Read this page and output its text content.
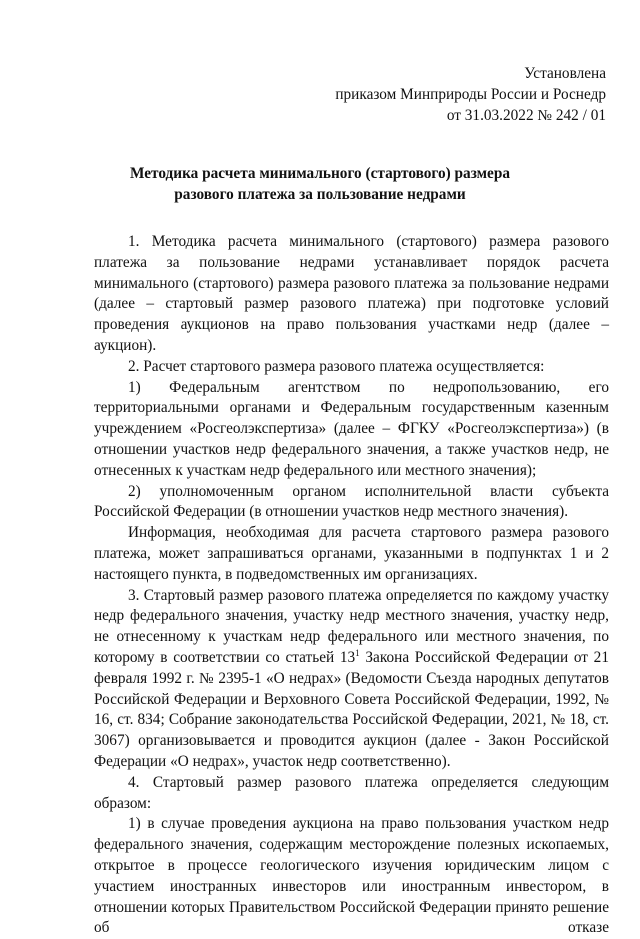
Установлена
приказом Минприроды России и Роснедр
от 31.03.2022 № 242 / 01
Методика расчета минимального (стартового) размера
разового платежа за пользование недрами

1. Методика расчета минимального (стартового) размера разового платежа за пользование недрами устанавливает порядок расчета минимального (стартового) размера разового платежа за пользование недрами (далее – стартовый размер разового платежа) при подготовке условий проведения аукционов на право пользования участками недр (далее – аукцион).

2. Расчет стартового размера разового платежа осуществляется:

1) Федеральным агентством по недропользованию, его территориальными органами и Федеральным государственным казенным учреждением «Росгеолэкспертиза» (далее – ФГКУ «Росгеолэкспертиза») (в отношении участков недр федерального значения, а также участков недр, не отнесенных к участкам недр федерального или местного значения);

2) уполномоченным органом исполнительной власти субъекта Российской Федерации (в отношении участков недр местного значения).

Информация, необходимая для расчета стартового размера разового платежа, может запрашиваться органами, указанными в подпунктах 1 и 2 настоящего пункта, в подведомственных им организациях.

3. Стартовый размер разового платежа определяется по каждому участку недр федерального значения, участку недр местного значения, участку недр, не отнесенному к участкам недр федерального или местного значения, по которому в соответствии со статьей $13^1$ Закона Российской Федерации от 21 февраля 1992 г. № 2395-1 «О недрах» (Ведомости Съезда народных депутатов Российской Федерации и Верховного Совета Российской Федерации, 1992, № 16, ст. 834; Собрание законодательства Российской Федерации, 2021, № 18, ст. 3067) организовывается и проводится аукцион (далее - Закон Российской Федерации «О недрах», участок недр соответственно).

4. Стартовый размер разового платежа определяется следующим образом:

1) в случае проведения аукциона на право пользования участком недр федерального значения, содержащим месторождение полезных ископаемых, открытое в процессе геологического изучения юридическим лицом с участием иностранных инвесторов или иностранным инвестором, в отношении которых Правительством Российской Федерации принято решение об отказе
